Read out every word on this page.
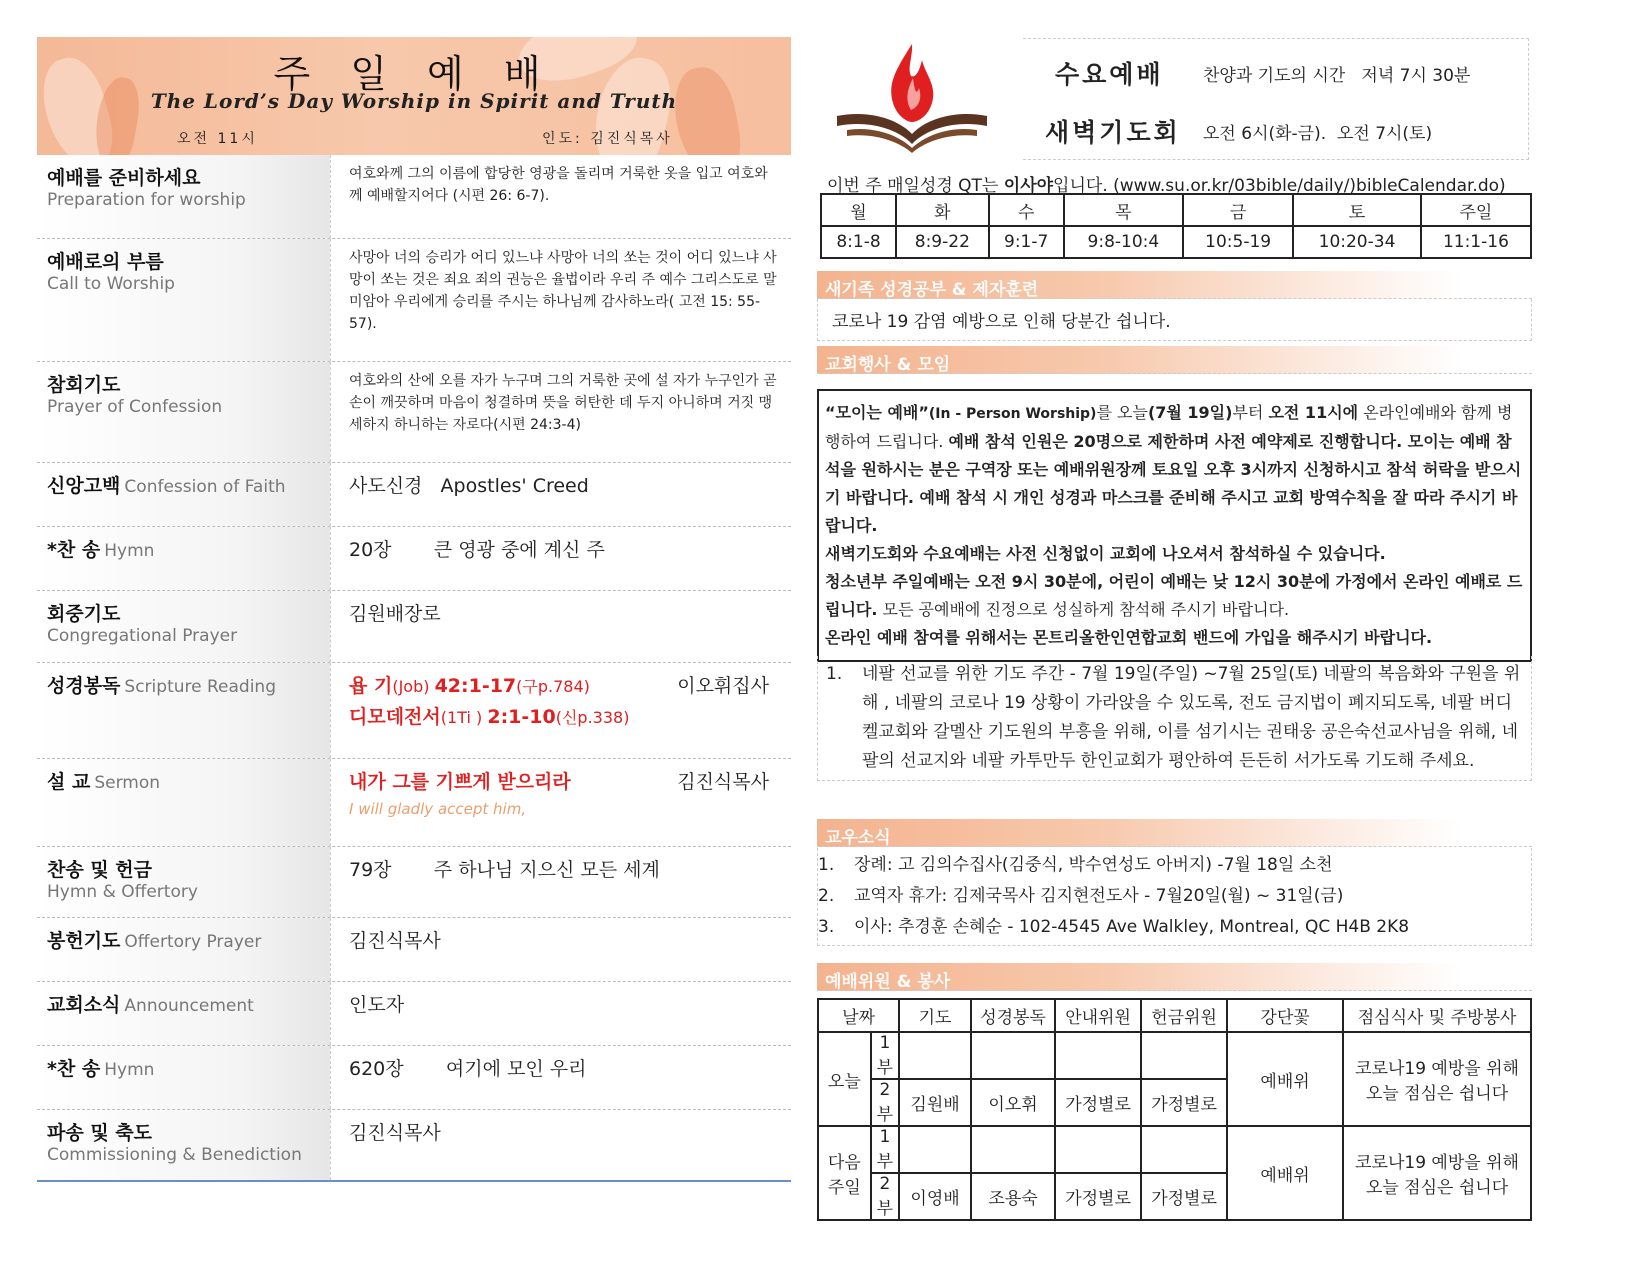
주 일 예 배
The Lord’s Day Worship in Spirit and Truth
오전 11시	인도: 김진식목사
예배를 준비하세요
Preparation for worship
여호와께 그의 이름에 합당한 영광을 돌리며 거룩한 옷을 입고 여호와께 예배할지어다 (시편 26: 6-7).
예배로의 부름
Call to Worship
사망아 너의 승리가 어디 있느냐 사망아 너의 쏘는 것이 어디 있느냐 사망이 쏘는 것은 죄요 죄의 권능은 율법이라 우리 주 예수 그리스도로 말미암아 우리에게 승리를 주시는 하나님께 감사하노라( 고전 15: 55-57).
참회기도
Prayer of Confession
여호와의 산에 오를 자가 누구며 그의 거룩한 곳에 설 자가 누구인가 곧 손이 깨끗하며 마음이 청결하며 뜻을 허탄한 데 두지 아니하며 거짓 맹세하지 하니하는 자로다(시편 24:3-4)
신앙고백 Confession of Faith	사도신경   Apostles' Creed
*찬 송 Hymn	20장       큰 영광 중에 계신 주
회중기도
Congregational Prayer
김원배장로
성경봉독 Scripture Reading	욥 기(Job) 42:1-17(구p.784)	이오휘집사
디모데전서(1Ti ) 2:1-10(신p.338)
설 교 Sermon	내가 그를 기쁘게 받으리라	김진식목사
I will gladly accept him,
찬송 및 헌금
Hymn & Offertory
79장       주 하나님 지으신 모든 세계
봉헌기도 Offertory Prayer	김진식목사
교회소식 Announcement	인도자
*찬 송 Hymn	620장       여기에 모인 우리
파송 및 축도
Commissioning & Benediction
김진식목사
수요예배 찬양과 기도의 시간   저녁 7시 30분
새벽기도회 오전 6시(화-금).  오전 7시(토)
이번 주 매일성경 QT는 이사야입니다. (www.su.or.kr/03bible/daily/)bibleCalendar.do)
월	화	수	목	금	토	주일
8:1-8	8:9-22	9:1-7	9:8-10:4	10:5-19	10:20-34	11:1-16
새기족 성경공부 & 제자훈련
코로나 19 감염 예방으로 인해 당분간 쉽니다.
교회행사 & 모임
“모이는 예배”(In - Person Worship)를 오늘(7월 19일)부터 오전 11시에 온라인예배와 함께 병행하여 드립니다. 예배 참석 인원은 20명으로 제한하며 사전 예약제로 진행합니다. 모이는 예배 참석을 원하시는 분은 구역장 또는 예배위원장께 토요일 오후 3시까지 신청하시고 참석 허락을 받으시기 바랍니다. 예배 참석 시 개인 성경과 마스크를 준비해 주시고 교회 방역수칙을 잘 따라 주시기 바랍니다.
새벽기도회와 수요예배는 사전 신청없이 교회에 나오셔서 참석하실 수 있습니다.
청소년부 주일예배는 오전 9시 30분에, 어린이 예배는 낮 12시 30분에 가정에서 온라인 예배로 드립니다. 모든 공예배에 진정으로 성실하게 참석해 주시기 바랍니다.
온라인 예배 참여를 위해서는 몬트리올한인연합교회 밴드에 가입을 해주시기 바랍니다.
1.	네팔 선교를 위한 기도 주간 - 7월 19일(주일) ~7월 25일(토) 네팔의 복음화와 구원을 위해 , 네팔의 코로나 19 상황이 가라앉을 수 있도록, 전도 금지법이 폐지되도록, 네팔 버디켈교회와 갈멜산 기도원의 부흥을 위해, 이를 섬기시는 권태웅 공은숙선교사님을 위해, 네팔의 선교지와 네팔 카투만두 한인교회가 평안하여 든든히 서가도록 기도해 주세요.
교우소식
1.	장례: 고 김의수집사(김중식, 박수연성도 아버지) -7월 18일 소천
2.	교역자 휴가: 김제국목사 김지현전도사 - 7월20일(월) ~ 31일(금)
3.	이사: 추경훈 손혜순 - 102-4545 Ave Walkley, Montreal, QC H4B 2K8
예배위원 & 봉사
날짜		기도	성경봉독	안내위원	헌금위원	강단꽃	점심식사 및 주방봉사
오늘	1부					예배위	코로나19 예방을 위해 오늘 점심은 쉽니다
	2부	김원배	이오휘	가정별로	가정별로		
다음 주일	1부					예배위	코로나19 예방을 위해 오늘 점심은 쉽니다
	2부	이영배	조용숙	가정별로	가정별로		
